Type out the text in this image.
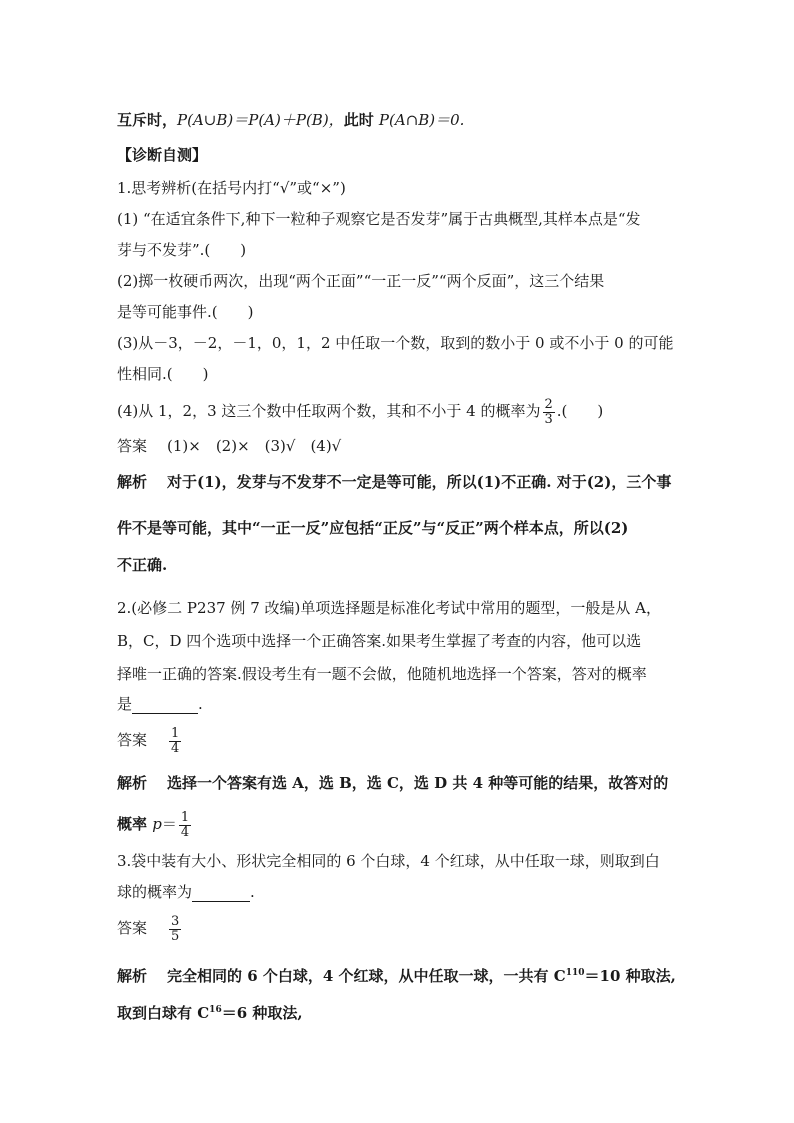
互斥时，P(A∪B)＝P(A)＋P(B)，此时 P(A∩B)＝0.
【诊断自测】
1.思考辨析(在括号内打“√”或“×”)
(1) “在适宜条件下,种下一粒种子观察它是否发芽”属于古典概型,其样本点是“发
芽与不发芽”.(　　)
(2)掷一枚硬币两次，出现“两个正面”“一正一反”“两个反面”，这三个结果
是等可能事件.(　　)
(3)从－3，－2，－1，0，1，2 中任取一个数，取到的数小于 0 或不小于 0 的可能
性相同.(　　)
(4)从 1，2，3 这三个数中任取两个数，其和不小于 4 的概率为 $\frac{2}{3}$ .(　　)
答案 (1)×　(2)×　(3)√　(4)√
解析 对于(1)，发芽与不发芽不一定是等可能，所以(1)不正确. 对于(2)，三个事
件不是等可能，其中“一正一反”应包括“正反”与“反正”两个样本点，所以(2)
不正确.
2.(必修二 P237 例 7 改编)单项选择题是标准化考试中常用的题型，一般是从 A，
B，C，D 四个选项中选择一个正确答案.如果考生掌握了考查的内容，他可以选
择唯一正确的答案.假设考生有一题不会做，他随机地选择一个答案，答对的概率
是	.
答案 $\frac{1}{4}$
解析 选择一个答案有选 A，选 B，选 C，选 D 共 4 种等可能的结果，故答对的
概率 $p= \frac{1}{4}$
3.袋中装有大小、形状完全相同的 6 个白球，4 个红球，从中任取一球，则取到白
球的概率为	.
答案 $\frac{3}{5}$
解析 完全相同的 6 个白球，4 个红球，从中任取一球，一共有 $C^{110}=10$ 种取法,
取到白球有 $C^{16}=6$ 种取法,
